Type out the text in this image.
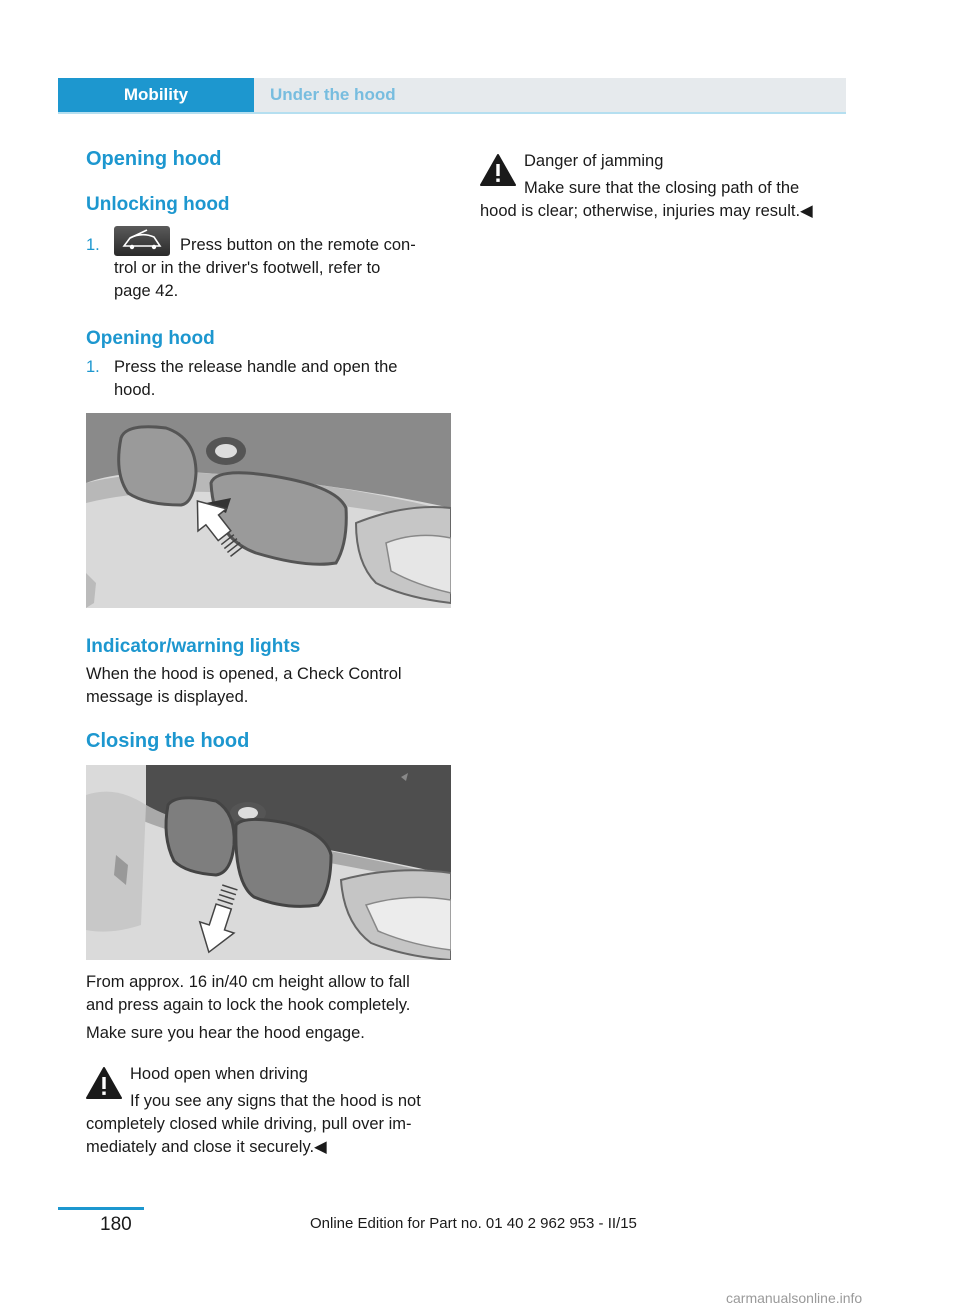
Mobility	Under the hood
Opening hood
Unlocking hood
1.	Press button on the remote con‐

trol or in the driver's footwell, refer to

page 42.

Opening hood
1. Press the release handle and open the

hood.

Indicator/warning lights

When the hood is opened, a Check Control

message is displayed.

Closing the hood

From approx. 16 in/40 cm height allow to fall

and press again to lock the hook completely.

Make sure you hear the hood engage.

Hood open when driving

If you see any signs that the hood is not

completely closed while driving, pull over im‐

mediately and close it securely.◀

Danger of jamming

Make sure that the closing path of the

hood is clear; otherwise, injuries may result.◀

180	Online Edition for Part no. 01 40 2 962 953 - II/15
carmanualsonline.info
